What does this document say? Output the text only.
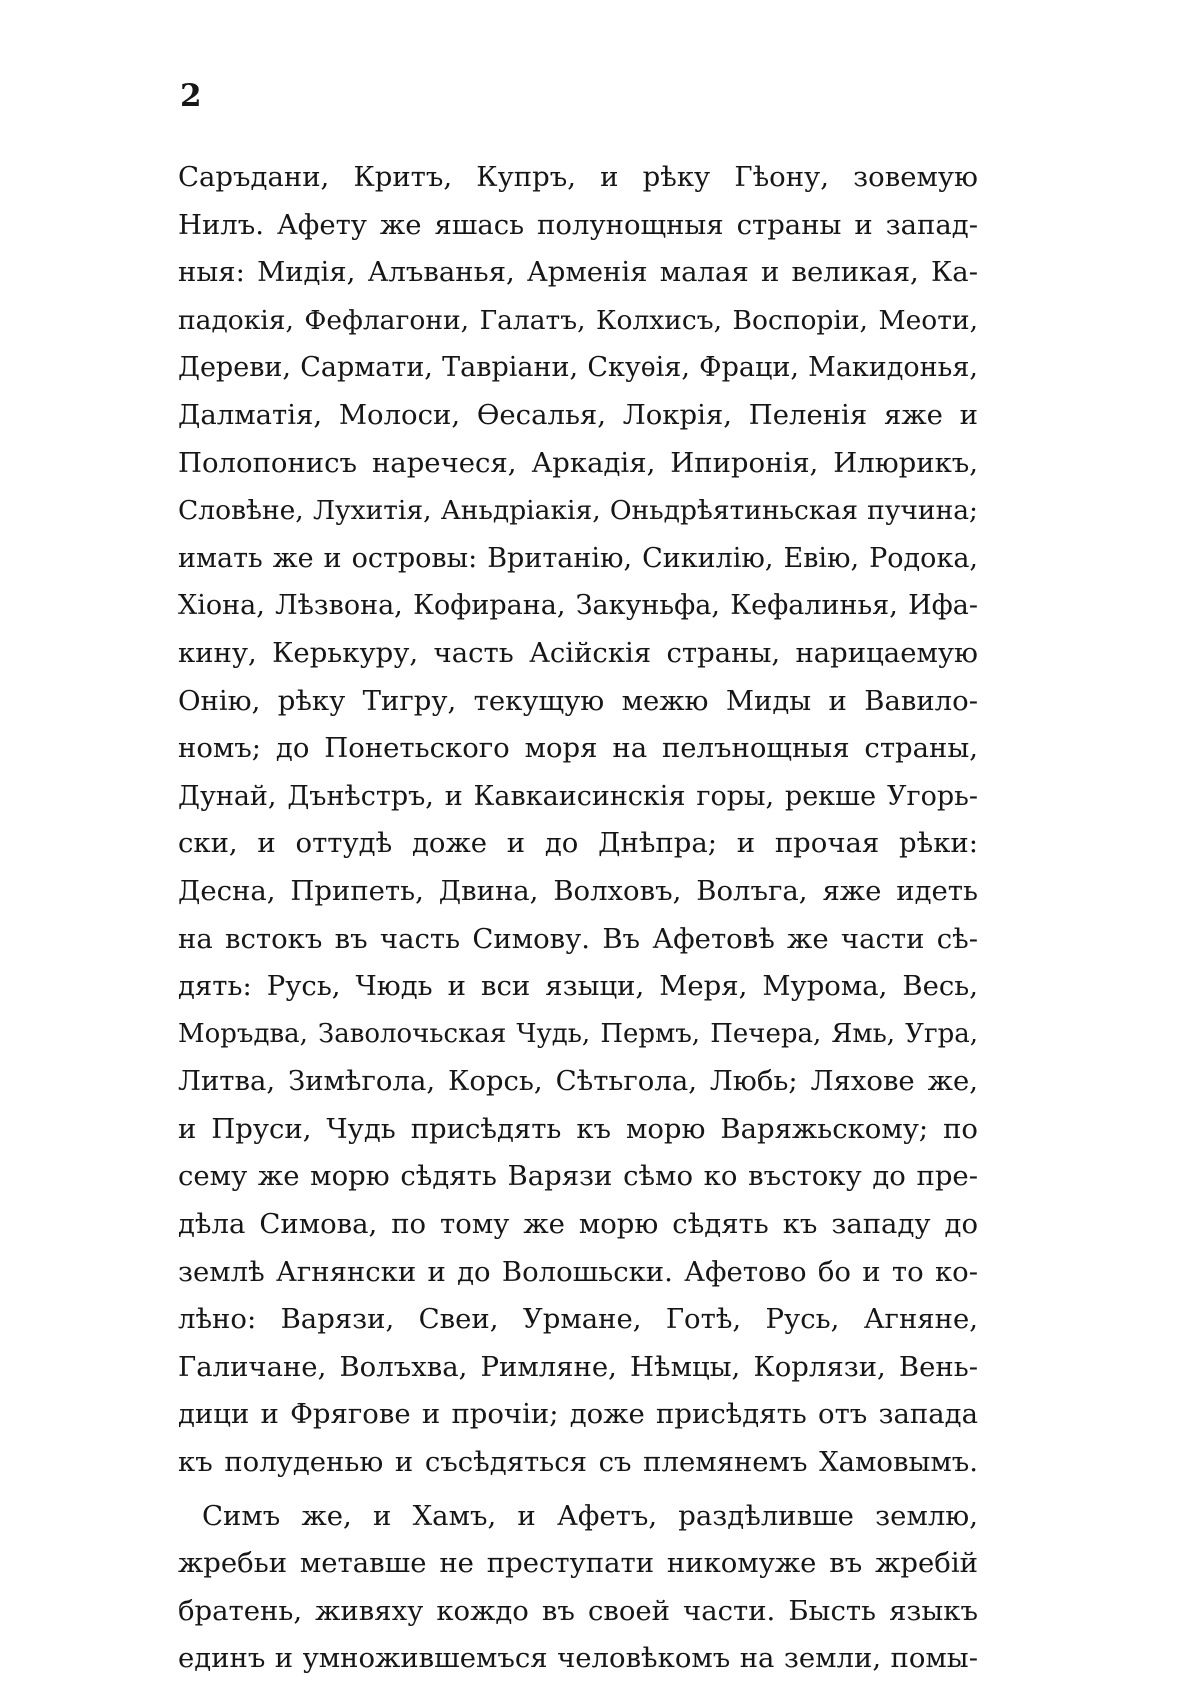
2
Саръдани, Критъ, Купръ, и рѣку Гѣону, зовемую
Нилъ. Афету же яшась полунощныя страны и запад-
ныя: Мидія, Алъванья, Арменія малая и великая, Ка-
падокія, Фефлагони, Галатъ, Колхисъ, Воспоріи, Меоти,
Дереви, Сармати, Тавріани, Скуѳія, Фраци, Макидонья,
Далматія, Молоси, Ѳесалья, Локрія, Пеленія яже и
Полопонисъ наречеся, Аркадія, Ипиронія, Илюрикъ,
Словѣне, Лухитія, Аньдріакія, Оньдрѣятиньская пучина;
имать же и островы: Вританію, Сикилію, Евію, Родока,
Хіона, Лѣзвона, Кофирана, Закуньфа, Кефалинья, Ифа-
кину, Керькуру, часть Асійскія страны, нарицаемую
Онію, рѣку Тигру, текущую межю Миды и Вавило-
номъ; до Понетьского моря на пелънощныя страны,
Дунай, Дънѣстръ, и Кавкаисинскія горы, рекше Угорь-
ски, и оттудѣ доже и до Днѣпра; и прочая рѣки:
Десна, Припеть, Двина, Волховъ, Волъга, яже идеть
на встокъ въ часть Симову. Въ Афетовѣ же части сѣ-
дять: Русь, Чюдь и вси языци, Меря, Мурома, Весь,
Моръдва, Заволочьская Чудь, Пермъ, Печера, Ямь, Угра,
Литва, Зимѣгола, Корсь, Сѣтьгола, Любь; Ляхове же,
и Пруси, Чудь присѣдять къ морю Варяжьскому; по
сему же морю сѣдять Варязи сѣмо ко въстоку до пре-
дѣла Симова, по тому же морю сѣдять къ западу до
землѣ Агнянски и до Волошьски. Афетово бо и то ко-
лѣно: Варязи, Свеи, Урмане, Готѣ, Русь, Агняне,
Галичане, Волъхва, Римляне, Нѣмцы, Корлязи, Вень-
дици и Фрягове и прочіи; доже присѣдять отъ запада
къ полуденью и съсѣдяться съ племянемъ Хамовымъ.
Симъ же, и Хамъ, и Афетъ, раздѣливше землю,
жребьи метавше не преступати никомуже въ жребій
братень, живяху кождо въ своей части. Бысть языкъ
единъ и умножившемъся человѣкомъ на земли, помы-
